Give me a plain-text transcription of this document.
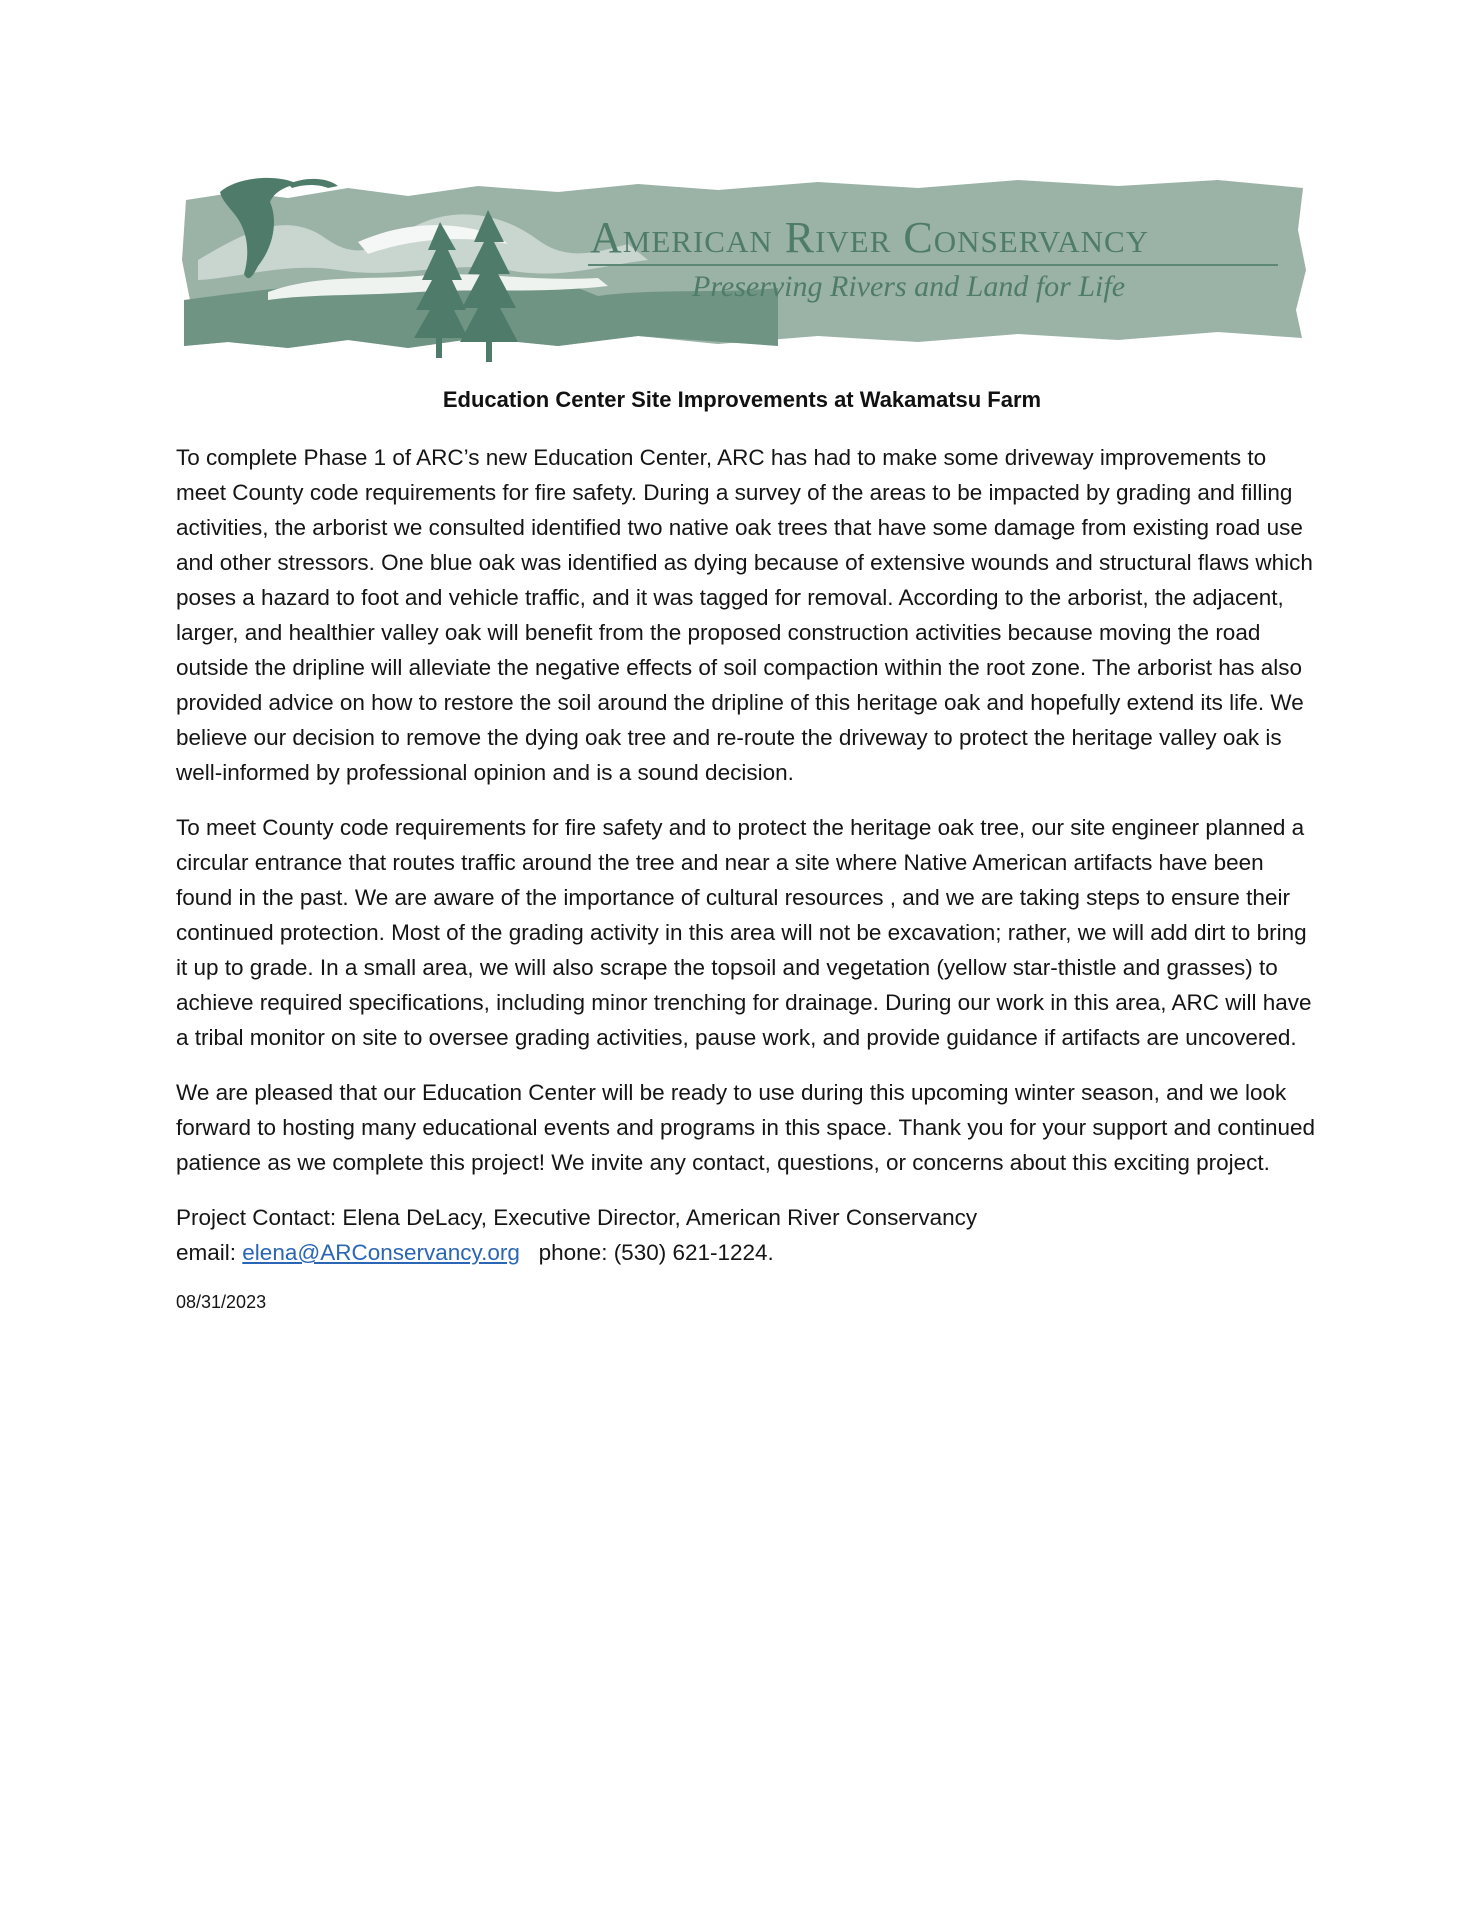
American River Conservancy
Preserving Rivers and Land for Life
Education Center Site Improvements at Wakamatsu Farm

To complete Phase 1 of ARC’s new Education Center, ARC has had to make some driveway improvements to meet County code requirements for fire safety. During a survey of the areas to be impacted by grading and filling activities, the arborist we consulted identified two native oak trees that have some damage from existing road use and other stressors. One blue oak was identified as dying because of extensive wounds and structural flaws which poses a hazard to foot and vehicle traffic, and it was tagged for removal. According to the arborist, the adjacent, larger, and healthier valley oak will benefit from the proposed construction activities because moving the road outside the dripline will alleviate the negative effects of soil compaction within the root zone. The arborist has also provided advice on how to restore the soil around the dripline of this heritage oak and hopefully extend its life. We believe our decision to remove the dying oak tree and re-route the driveway to protect the heritage valley oak is well-informed by professional opinion and is a sound decision.

To meet County code requirements for fire safety and to protect the heritage oak tree, our site engineer planned a circular entrance that routes traffic around the tree and near a site where Native American artifacts have been found in the past. We are aware of the importance of cultural resources , and we are taking steps to ensure their continued protection. Most of the grading activity in this area will not be excavation; rather, we will add dirt to bring it up to grade. In a small area, we will also scrape the topsoil and vegetation (yellow star-thistle and grasses) to achieve required specifications, including minor trenching for drainage. During our work in this area, ARC will have a tribal monitor on site to oversee grading activities, pause work, and provide guidance if artifacts are uncovered.

We are pleased that our Education Center will be ready to use during this upcoming winter season, and we look forward to hosting many educational events and programs in this space. Thank you for your support and continued patience as we complete this project! We invite any contact, questions, or concerns about this exciting project.

Project Contact: Elena DeLacy, Executive Director, American River Conservancy

email: elena@ARConservancy.org phone: (530) 621-1224.

08/31/2023
